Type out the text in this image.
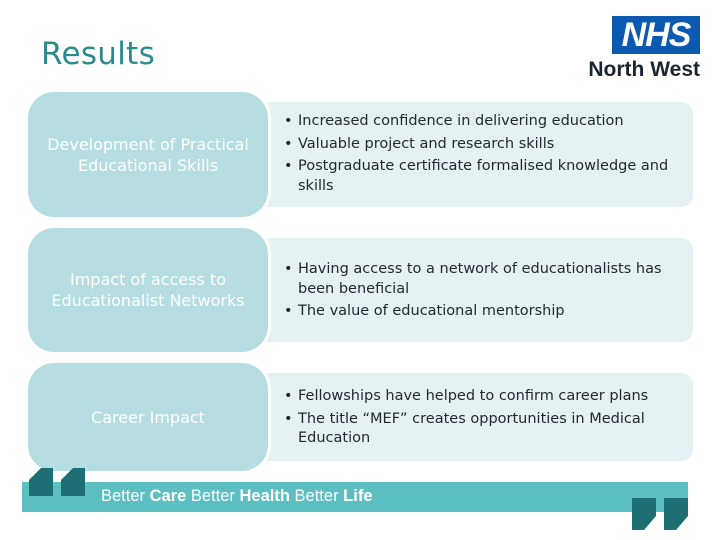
Results
NHS
North West
• Increased confidence in delivering education
• Valuable project and research skills
• Postgraduate certificate formalised knowledge and skills
Development of Practical Educational Skills
• Having access to a network of educationalists has been beneficial
• The value of educational mentorship
Impact of access to Educationalist Networks
• Fellowships have helped to confirm career plans
• The title “MEF” creates opportunities in Medical Education
Career Impact
Better Care Better Health Better Life
